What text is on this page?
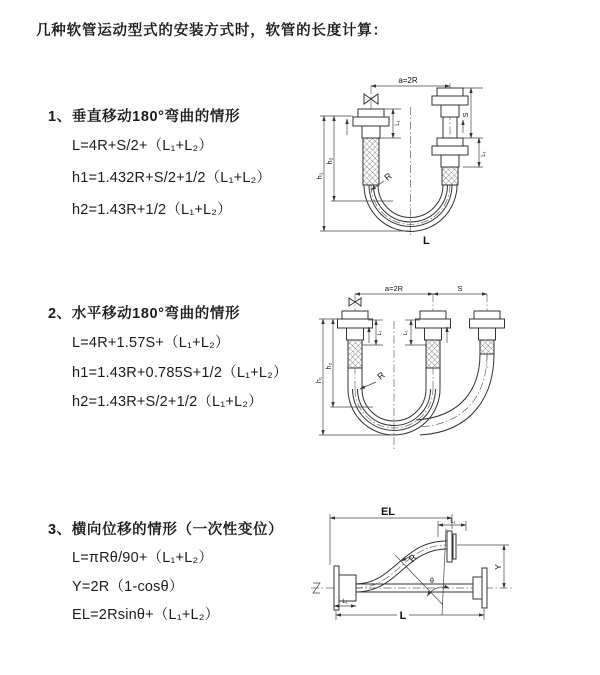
几种软管运动型式的安装方式时，软管的长度计算：
1、垂直移动180°弯曲的情形
L=4R+S/2+（L₁+L₂）
h1=1.432R+S/2+1/2（L₁+L₂）
h2=1.43R+1/2（L₁+L₂）
2、水平移动180°弯曲的情形
L=4R+1.57S+（L₁+L₂）
h1=1.43R+0.785S+1/2（L₁+L₂）
h2=1.43R+S/2+1/2（L₁+L₂）
3、横向位移的情形（一次性变位）
L=πRθ/90+（L₁+L₂）
Y=2R（1-cosθ）
EL=2Rsinθ+（L₁+L₂）
a=2R
h₁
h₂
L₁
S
L₁
R
L
a=2R	S
h₁
h₂
L₁	L₁
R
θ
R
EL
L₁
Y
L₁
L
